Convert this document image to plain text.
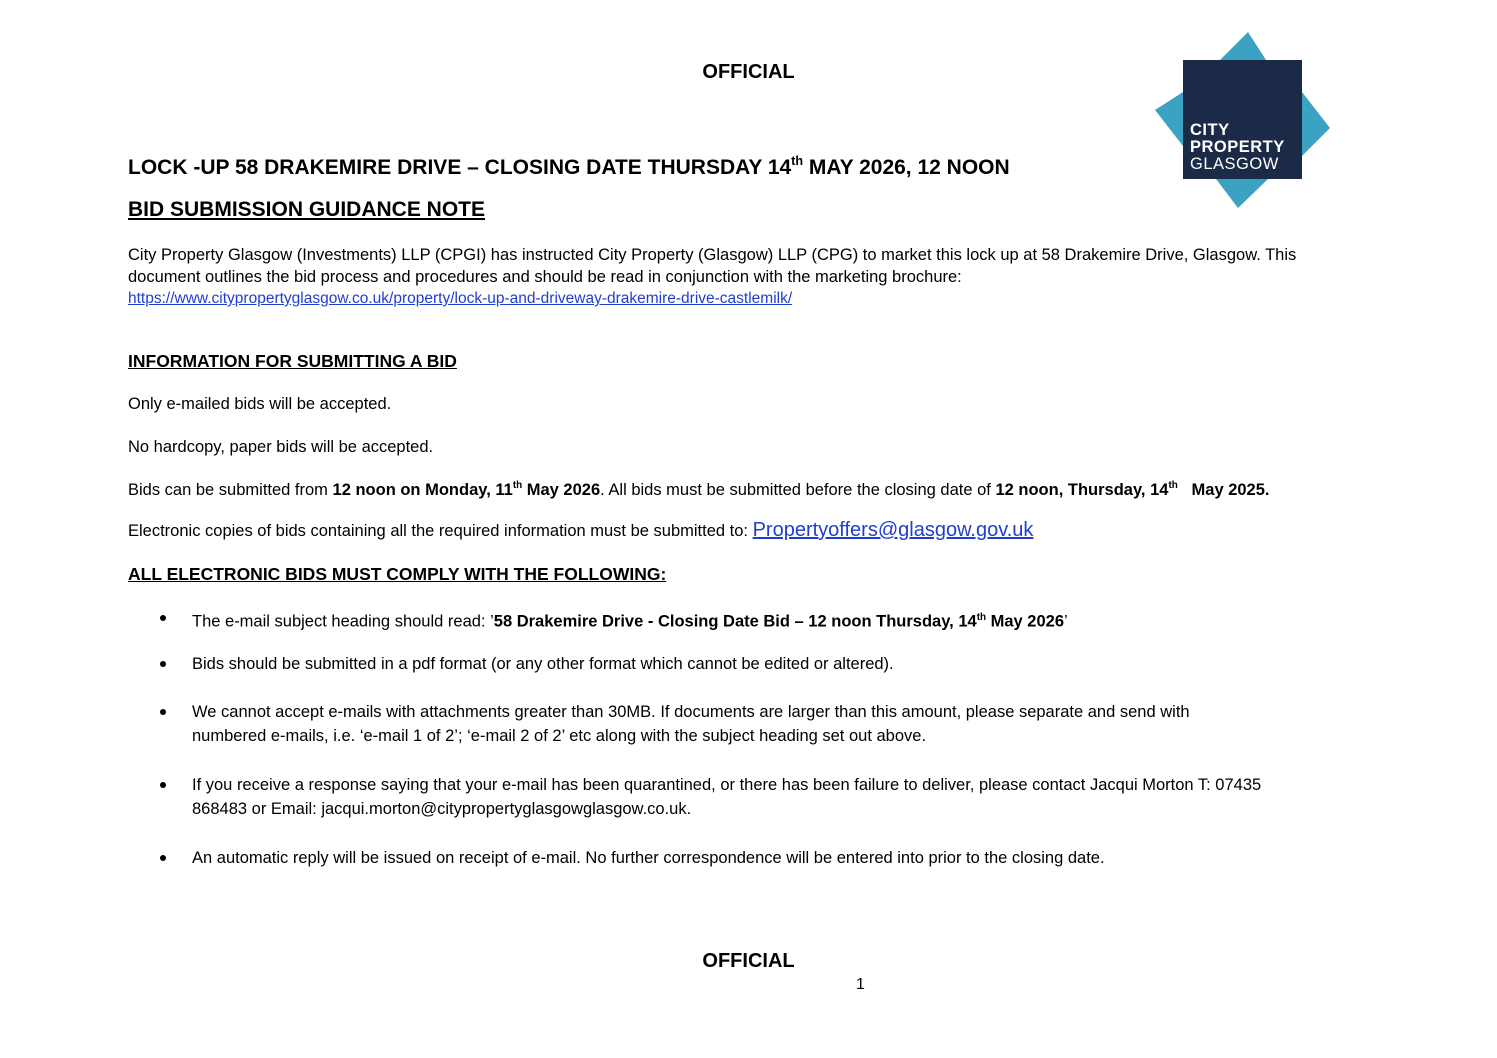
OFFICIAL
CITY
PROPERTY
GLASGOW
LOCK -UP 58 DRAKEMIRE DRIVE – CLOSING DATE THURSDAY 14th MAY 2026, 12 NOON
BID SUBMISSION GUIDANCE NOTE
City Property Glasgow (Investments) LLP (CPGI) has instructed City Property (Glasgow) LLP (CPG) to market this lock up at 58 Drakemire Drive, Glasgow. This
document outlines the bid process and procedures and should be read in conjunction with the marketing brochure:
https://www.citypropertyglasgow.co.uk/property/lock-up-and-driveway-drakemire-drive-castlemilk/
INFORMATION FOR SUBMITTING A BID
Only e-mailed bids will be accepted.
No hardcopy, paper bids will be accepted.
Bids can be submitted from 12 noon on Monday, 11th May 2026. All bids must be submitted before the closing date of 12 noon, Thursday, 14th   May 2025.
Electronic copies of bids containing all the required information must be submitted to: Propertyoffers@glasgow.gov.uk
ALL ELECTRONIC BIDS MUST COMPLY WITH THE FOLLOWING:
The e-mail subject heading should read: ’58 Drakemire Drive - Closing Date Bid – 12 noon Thursday, 14th May 2026’
Bids should be submitted in a pdf format (or any other format which cannot be edited or altered).
We cannot accept e-mails with attachments greater than 30MB. If documents are larger than this amount, please separate and send with
numbered e-mails, i.e. ‘e-mail 1 of 2’; ‘e-mail 2 of 2’ etc along with the subject heading set out above.
If you receive a response saying that your e-mail has been quarantined, or there has been failure to deliver, please contact Jacqui Morton T: 07435
868483 or Email: jacqui.morton@citypropertyglasgowglasgow.co.uk.
An automatic reply will be issued on receipt of e-mail. No further correspondence will be entered into prior to the closing date.
OFFICIAL
1
